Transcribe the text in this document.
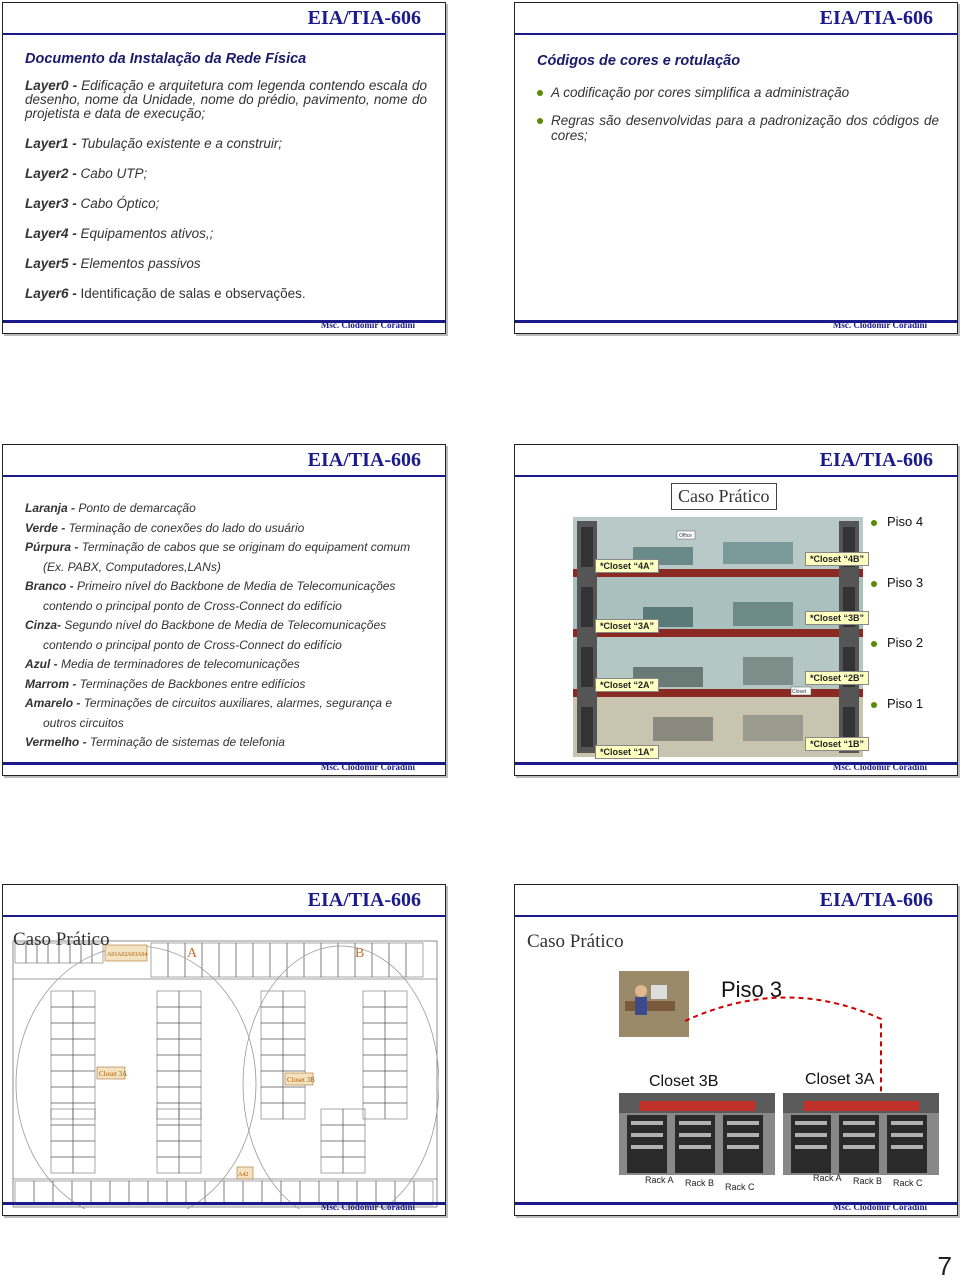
EIA/TIA-606
Documento da Instalação da Rede Física
Layer0 - Edificação e arquitetura com legenda contendo escala do desenho, nome da Unidade, nome do prédio, pavimento, nome do projetista e data de execução;
Layer1 - Tubulação existente e a construir;
Layer2 - Cabo UTP;
Layer3 - Cabo Óptico;
Layer4 - Equipamentos ativos,;
Layer5 - Elementos passivos
Layer6 - Identificação de salas e observações.
Msc. Clodomir Coradini
EIA/TIA-606
Códigos de cores e rotulação
A codificação por cores simplifica a administração
Regras são desenvolvidas para a padronização dos códigos de cores;
Msc. Clodomir Coradini
EIA/TIA-606
Laranja - Ponto de demarcação
Verde - Terminação de conexões do lado do usuário
Púrpura - Terminação de cabos que se originam do equipament comum
(Ex. PABX, Computadores,LANs)
Branco - Primeiro nível do Backbone de Media de Telecomunicações
contendo o principal ponto de Cross-Connect do edifício
Cinza- Segundo nível do Backbone de Media de Telecomunicações
contendo o principal ponto de Cross-Connect do edifício
Azul - Media de terminadores de telecomunicações
Marrom - Terminações de Backbones entre edifícios
Amarelo - Terminações de circuitos auxiliares, alarmes, segurança e
outros circuitos
Vermelho - Terminação de sistemas de telefonia
Msc. Clodomir Coradini
EIA/TIA-606
Caso Prático
Office
Closet
*Closet “4A”
*Closet “3A”
*Closet “2A”
*Closet “1A”
*Closet “4B”
*Closet “3B”
*Closet “2B”
*Closet “1B”
Piso 4
Piso 3
Piso 2
Piso 1
Msc. Clodomir Coradini
EIA/TIA-606
A01 A02 A03 A04	A	B
Closet 3A
Closet 3B
A42
Caso Prático
Msc. Clodomir Coradini
EIA/TIA-606
Caso Prático
Piso 3
Closet 3B	Closet 3A
Rack A Rack B Rack C
Rack A Rack B Rack C
Msc. Clodomir Coradini
7
